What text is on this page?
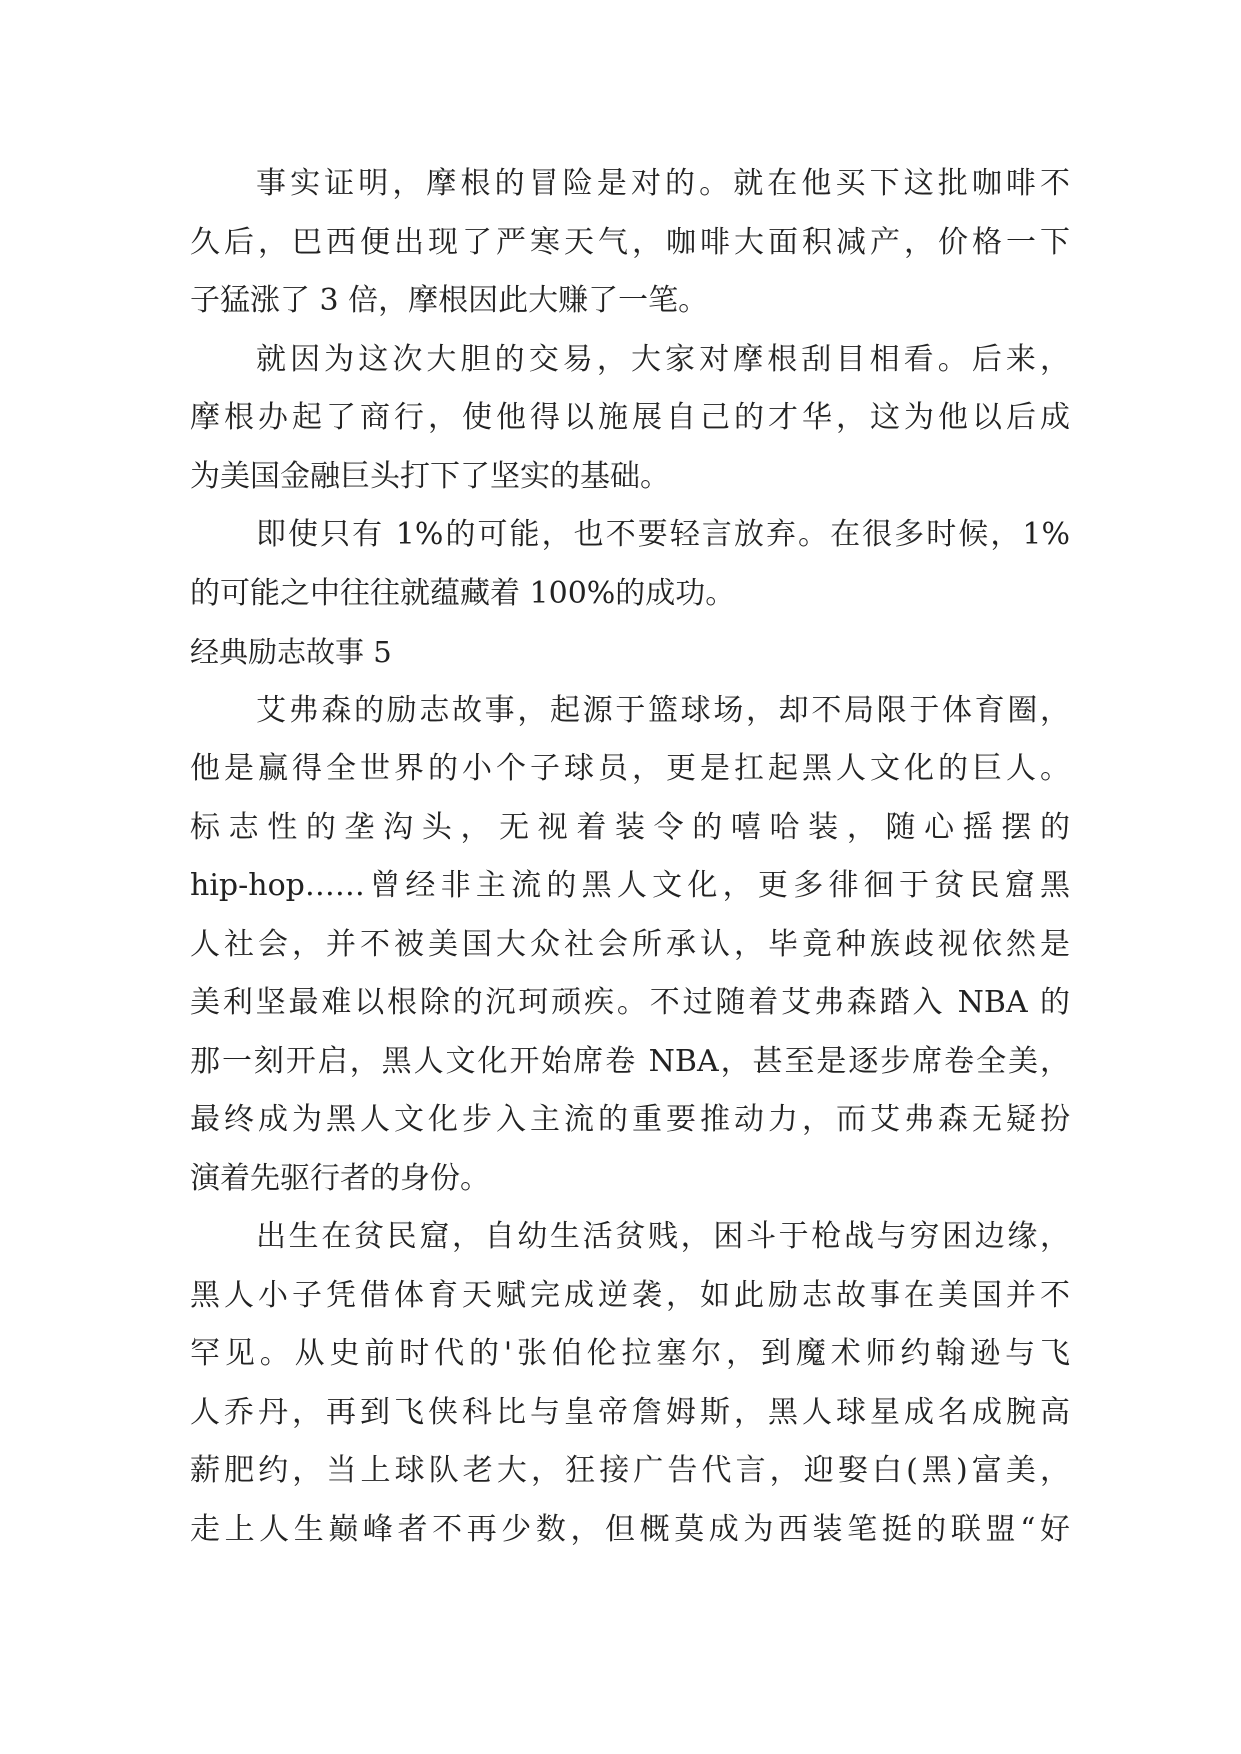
事实证明，摩根的冒险是对的。就在他买下这批咖啡不
久后，巴西便出现了严寒天气，咖啡大面积减产，价格一下
子猛涨了 3 倍，摩根因此大赚了一笔。
就因为这次大胆的交易，大家对摩根刮目相看。后来，
摩根办起了商行，使他得以施展自己的才华，这为他以后成
为美国金融巨头打下了坚实的基础。
即使只有 1%的可能，也不要轻言放弃。在很多时候，1%
的可能之中往往就蕴藏着 100%的成功。
经典励志故事 5
艾弗森的励志故事，起源于篮球场，却不局限于体育圈，
他是赢得全世界的小个子球员，更是扛起黑人文化的巨人。
标志性的垄沟头，无视着装令的嘻哈装，随心摇摆的
hip-hop……曾经非主流的黑人文化，更多徘徊于贫民窟黑
人社会，并不被美国大众社会所承认，毕竟种族歧视依然是
美利坚最难以根除的沉珂顽疾。不过随着艾弗森踏入 NBA 的
那一刻开启，黑人文化开始席卷 NBA，甚至是逐步席卷全美，
最终成为黑人文化步入主流的重要推动力，而艾弗森无疑扮
演着先驱行者的身份。
出生在贫民窟，自幼生活贫贱，困斗于枪战与穷困边缘，
黑人小子凭借体育天赋完成逆袭，如此励志故事在美国并不
罕见。从史前时代的'张伯伦拉塞尔，到魔术师约翰逊与飞
人乔丹，再到飞侠科比与皇帝詹姆斯，黑人球星成名成腕高
薪肥约，当上球队老大，狂接广告代言，迎娶白(黑)富美，
走上人生巅峰者不再少数，但概莫成为西装笔挺的联盟“好
